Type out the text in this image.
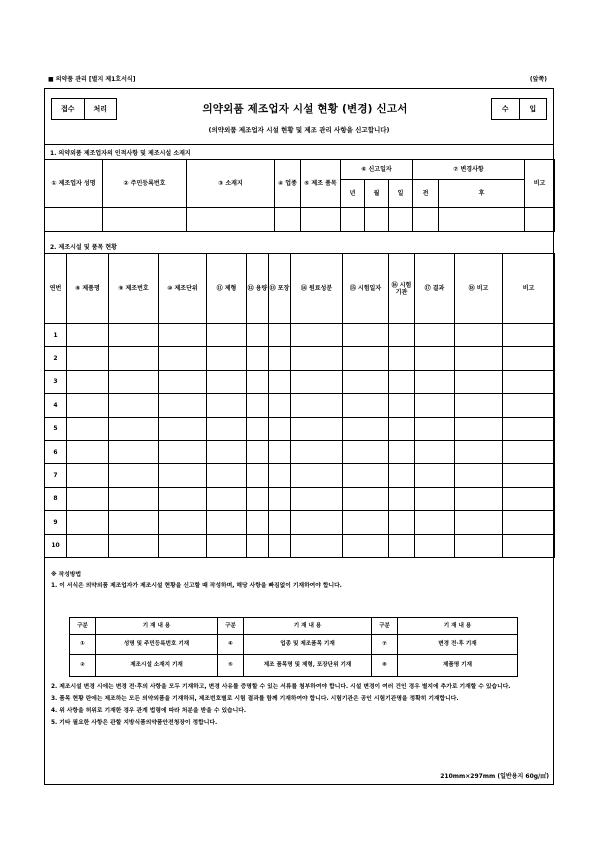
■ 의약품 관리 [별지 제1호서식]	(앞쪽)
접수	처리	의약외품 제조업자 시설 현황 (변경) 신고서	수	입
(의약외품 제조업자 시설 현황 및 제조 관리 사항을 신고합니다)
1. 의약외품 제조업자의 인적사항 및 제조시설 소재지
① 제조업자 성명	② 주민등록번호	③ 소재지	④ 업종	⑤ 제조 품목	⑥ 신고일자			⑦ 변경사항		비고
					년	월	일	전	후	

2. 제조시설 및 품목 현황
연번	⑧ 제품명	⑨ 제조번호	⑩ 제조단위	⑪ 제형	⑫ 용량	⑬ 포장	⑭ 원료성분	⑮ 시험일자	⑯ 시험기관	⑰ 결과	⑱ 비고	비고
1												
2												
3												
4												
5												
6												
7												
8												
9												
10												

※ 작성방법

1. 이 서식은 의약외품 제조업자가 제조시설 현황을 신고할 때 작성하며, 해당 사항을 빠짐없이 기재하여야 합니다.

구분	기 재 내 용	구분	기 재 내 용	구분	기 재 내 용
①	성명 및 주민등록번호 기재	④	업종 및 제조품목 기재	⑦	변경 전·후 기재
②	제조시설 소재지 기재	⑤	제조 품목명 및 제형, 포장단위 기재	⑧	제품명 기재

2. 제조시설 변경 시에는 변경 전·후의 사항을 모두 기재하고, 변경 사유를 증명할 수 있는 서류를 첨부하여야 합니다. 시설 변경이 여러 건인 경우 별지에 추가로 기재할 수 있습니다.

3. 품목 현황 란에는 제조하는 모든 의약외품을 기재하되, 제조번호별로 시험 결과를 함께 기재하여야 합니다. 시험기관은 공인 시험기관명을 정확히 기재합니다.

4. 위 사항을 허위로 기재한 경우 관계 법령에 따라 처분을 받을 수 있습니다.

5. 기타 필요한 사항은 관할 지방식품의약품안전청장이 정합니다.

210mm×297mm (일반용지 60g/㎡)
